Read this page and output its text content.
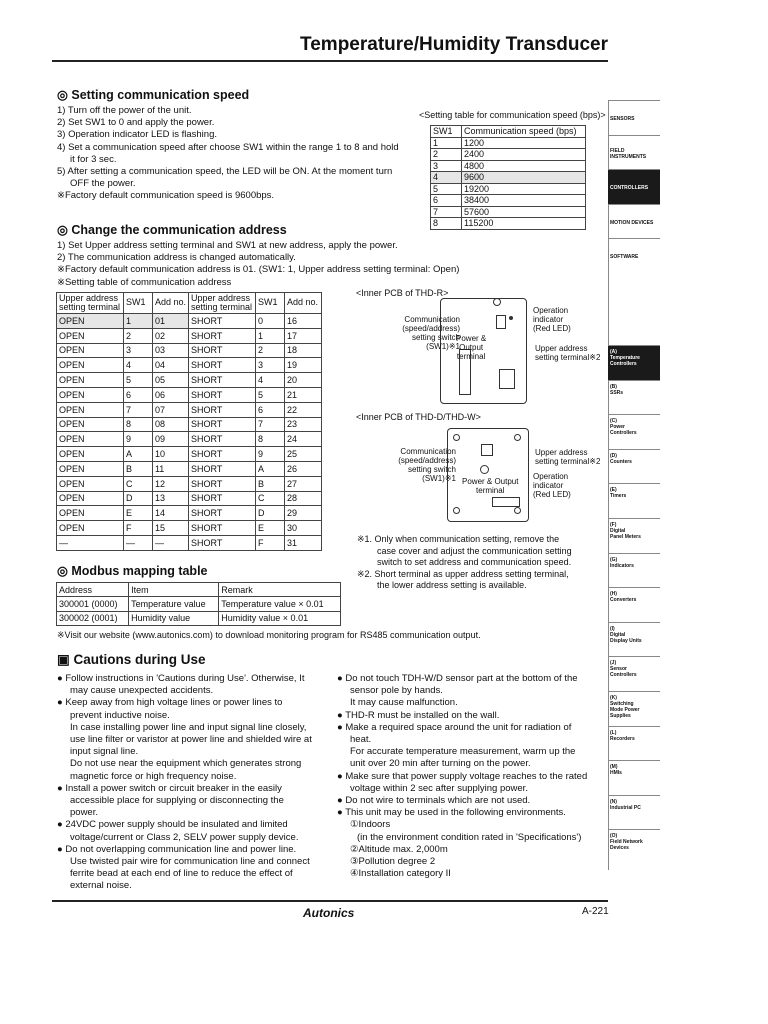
Temperature/Humidity Transducer
◎ Setting communication speed
1) Turn off the power of the unit.
2) Set SW1 to 0 and apply the power.
3) Operation indicator LED is flashing.
4) Set a communication speed after choose SW1 within the range 1 to 8 and hold
it for 3 sec.
5) After setting a communication speed, the LED will be ON. At the moment turn
OFF the power.
※Factory default communication speed is 9600bps.
<Setting table for communication speed (bps)>
SW1	Communication speed (bps)
1	1200
2	2400
3	4800
4	9600
5	19200
6	38400
7	57600
8	115200
◎ Change the communication address
1) Set Upper address setting terminal and SW1 at new address, apply the power.
2) The communication address is changed automatically.
※Factory default communication address is 01. (SW1: 1, Upper address setting terminal: Open)
※Setting table of communication address
Upper address
setting terminal	SW1	Add no.	Upper address
setting terminal	SW1	Add no.
OPEN	1	01	SHORT	0	16
OPEN	2	02	SHORT	1	17
OPEN	3	03	SHORT	2	18
OPEN	4	04	SHORT	3	19
OPEN	5	05	SHORT	4	20
OPEN	6	06	SHORT	5	21
OPEN	7	07	SHORT	6	22
OPEN	8	08	SHORT	7	23
OPEN	9	09	SHORT	8	24
OPEN	A	10	SHORT	9	25
OPEN	B	11	SHORT	A	26
OPEN	C	12	SHORT	B	27
OPEN	D	13	SHORT	C	28
OPEN	E	14	SHORT	D	29
OPEN	F	15	SHORT	E	30
—	—	—	SHORT	F	31
<Inner PCB of THD-R>
Communication
(speed/address)
setting switch
(SW1)※1
Power &
Output
terminal
Operation
indicator
(Red LED)
Upper address
setting terminal※2
<Inner PCB of THD-D/THD-W>
Communication
(speed/address)
setting switch
(SW1)※1 Power & Output
terminal
Upper address
setting terminal※2
Operation
indicator
(Red LED)
※1. Only when communication setting, remove the
case cover and adjust the communication setting
switch to set address and communication speed.
※2. Short terminal as upper address setting terminal,
the lower address setting is available.
◎ Modbus mapping table
Address	Item	Remark
300001 (0000)	Temperature value	Temperature value × 0.01
300002 (0001)	Humidity value	Humidity value × 0.01
※Visit our website (www.autonics.com) to download monitoring program for RS485 communication output.
▣ Cautions during Use
● Follow instructions in 'Cautions during Use'. Otherwise, It
may cause unexpected accidents.
● Keep away from high voltage lines or power lines to
prevent inductive noise.
In case installing power line and input signal line closely,
use line filter or varistor at power line and shielded wire at
input signal line.
Do not use near the equipment which generates strong
magnetic force or high frequency noise.
● Install a power switch or circuit breaker in the easily
accessible place for supplying or disconnecting the
power.
● 24VDC power supply should be insulated and limited
voltage/current or Class 2, SELV power supply device.
● Do not overlapping communication line and power line.
Use twisted pair wire for communication line and connect
ferrite bead at each end of line to reduce the effect of
external noise.
● Do not touch TDH-W/D sensor part at the bottom of the
sensor pole by hands.
It may cause malfunction.
● THD-R must be installed on the wall.
● Make a required space around the unit for radiation of
heat.
For accurate temperature measurement, warm up the
unit over 20 min after turning on the power.
● Make sure that power supply voltage reaches to the rated
voltage within 2 sec after supplying power.
● Do not wire to terminals which are not used.
● This unit may be used in the following environments.
①Indoors
(in the environment condition rated in 'Specifications')
②Altitude max. 2,000m
③Pollution degree 2
④Installation category II
SENSORS
FIELD
INSTRUMENTS
CONTROLLERS
MOTION DEVICES
SOFTWARE
(A)
Temperature
Controllers
(B)
SSRs
(C)
Power
Controllers
(D)
Counters
(E)
Timers
(F)
Digital
Panel Meters
(G)
Indicators
(H)
Converters
(I)
Digital
Display Units
(J)
Sensor
Controllers
(K)
Switching
Mode Power
Supplies
(L)
Recorders
(M)
HMIs
(N)
Industrial PC
(O)
Field Network
Devices
Autonics	A-221
